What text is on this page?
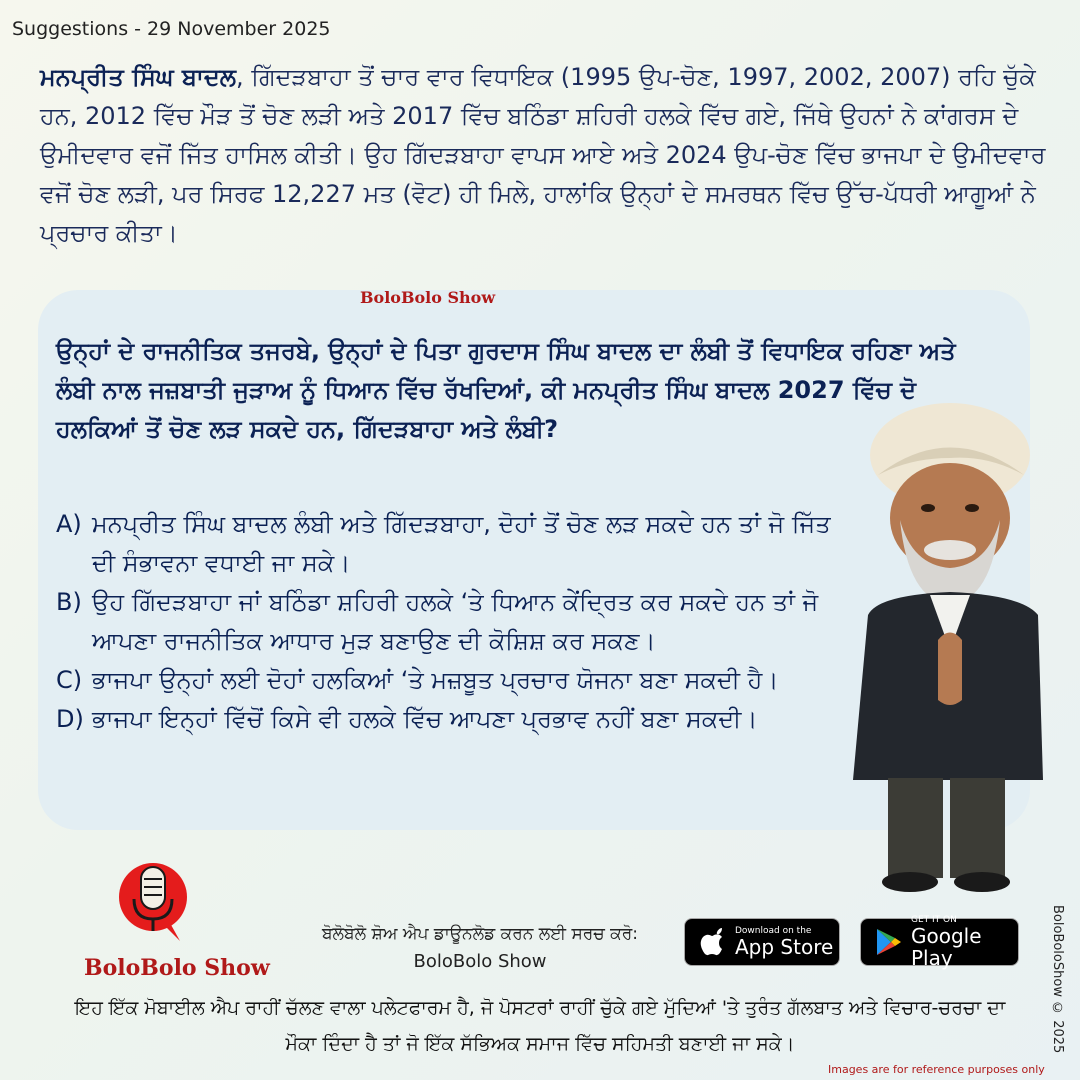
Suggestions - 29 November 2025
ਮਨਪ੍ਰੀਤ ਸਿੰਘ ਬਾਦਲ, ਗਿੱਦੜਬਾਹਾ ਤੋਂ ਚਾਰ ਵਾਰ ਵਿਧਾਇਕ (1995 ਉਪ-ਚੋਣ, 1997, 2002, 2007) ਰਹਿ ਚੁੱਕੇ ਹਨ, 2012 ਵਿੱਚ ਮੌੜ ਤੋਂ ਚੋਣ ਲੜੀ ਅਤੇ 2017 ਵਿੱਚ ਬਠਿੰਡਾ ਸ਼ਹਿਰੀ ਹਲਕੇ ਵਿੱਚ ਗਏ, ਜਿੱਥੇ ਉਹਨਾਂ ਨੇ ਕਾਂਗਰਸ ਦੇ ਉਮੀਦਵਾਰ ਵਜੋਂ ਜਿੱਤ ਹਾਸਿਲ ਕੀਤੀ। ਉਹ ਗਿੱਦੜਬਾਹਾ ਵਾਪਸ ਆਏ ਅਤੇ 2024 ਉਪ-ਚੋਣ ਵਿੱਚ ਭਾਜਪਾ ਦੇ ਉਮੀਦਵਾਰ ਵਜੋਂ ਚੋਣ ਲੜੀ, ਪਰ ਸਿਰਫ 12,227 ਮਤ (ਵੋਟ) ਹੀ ਮਿਲੇ, ਹਾਲਾਂਕਿ ਉਨ੍ਹਾਂ ਦੇ ਸਮਰਥਨ ਵਿੱਚ ਉੱਚ-ਪੱਧਰੀ ਆਗੂਆਂ ਨੇ ਪ੍ਰਚਾਰ ਕੀਤਾ।
BoloBolo Show
ਉਨ੍ਹਾਂ ਦੇ ਰਾਜਨੀਤਿਕ ਤਜਰਬੇ, ਉਨ੍ਹਾਂ ਦੇ ਪਿਤਾ ਗੁਰਦਾਸ ਸਿੰਘ ਬਾਦਲ ਦਾ ਲੰਬੀ ਤੋਂ ਵਿਧਾਇਕ ਰਹਿਣਾ ਅਤੇ ਲੰਬੀ ਨਾਲ ਜਜ਼ਬਾਤੀ ਜੁੜਾਅ ਨੂੰ ਧਿਆਨ ਵਿੱਚ ਰੱਖਦਿਆਂ, ਕੀ ਮਨਪ੍ਰੀਤ ਸਿੰਘ ਬਾਦਲ 2027 ਵਿੱਚ ਦੋ ਹਲਕਿਆਂ ਤੋਂ ਚੋਣ ਲੜ ਸਕਦੇ ਹਨ, ਗਿੱਦੜਬਾਹਾ ਅਤੇ ਲੰਬੀ?
A) ਮਨਪ੍ਰੀਤ ਸਿੰਘ ਬਾਦਲ ਲੰਬੀ ਅਤੇ ਗਿੱਦੜਬਾਹਾ, ਦੋਹਾਂ ਤੋਂ ਚੋਣ ਲੜ ਸਕਦੇ ਹਨ ਤਾਂ ਜੋ ਜਿੱਤ ਦੀ ਸੰਭਾਵਨਾ ਵਧਾਈ ਜਾ ਸਕੇ।
B) ਉਹ ਗਿੱਦੜਬਾਹਾ ਜਾਂ ਬਠਿੰਡਾ ਸ਼ਹਿਰੀ ਹਲਕੇ ‘ਤੇ ਧਿਆਨ ਕੇਂਦ੍ਰਿਤ ਕਰ ਸਕਦੇ ਹਨ ਤਾਂ ਜੋ ਆਪਣਾ ਰਾਜਨੀਤਿਕ ਆਧਾਰ ਮੁੜ ਬਣਾਉਣ ਦੀ ਕੋਸ਼ਿਸ਼ ਕਰ ਸਕਣ।
C) ਭਾਜਪਾ ਉਨ੍ਹਾਂ ਲਈ ਦੋਹਾਂ ਹਲਕਿਆਂ ‘ਤੇ ਮਜ਼ਬੂਤ ਪ੍ਰਚਾਰ ਯੋਜਨਾ ਬਣਾ ਸਕਦੀ ਹੈ।
D) ਭਾਜਪਾ ਇਨ੍ਹਾਂ ਵਿੱਚੋਂ ਕਿਸੇ ਵੀ ਹਲਕੇ ਵਿੱਚ ਆਪਣਾ ਪ੍ਰਭਾਵ ਨਹੀਂ ਬਣਾ ਸਕਦੀ।
BoloBolo Show
ਬੋਲੋਬੋਲੋ ਸ਼ੋਅ ਐਪ ਡਾਊਨਲੋਡ ਕਰਨ ਲਈ ਸਰਚ ਕਰੋ:
BoloBolo Show
Download on the
App Store
GET IT ON
Google Play
ਇਹ ਇੱਕ ਮੋਬਾਈਲ ਐਪ ਰਾਹੀਂ ਚੱਲਣ ਵਾਲਾ ਪਲੇਟਫਾਰਮ ਹੈ, ਜੋ ਪੋਸਟਰਾਂ ਰਾਹੀਂ ਚੁੱਕੇ ਗਏ ਮੁੱਦਿਆਂ 'ਤੇ ਤੁਰੰਤ ਗੱਲਬਾਤ ਅਤੇ ਵਿਚਾਰ-ਚਰਚਾ ਦਾ ਮੌਕਾ ਦਿੰਦਾ ਹੈ ਤਾਂ ਜੋ ਇੱਕ ਸੱਭਿਅਕ ਸਮਾਜ ਵਿੱਚ ਸਹਿਮਤੀ ਬਣਾਈ ਜਾ ਸਕੇ।	BoloBoloShow © 2025
Images are for reference purposes only
